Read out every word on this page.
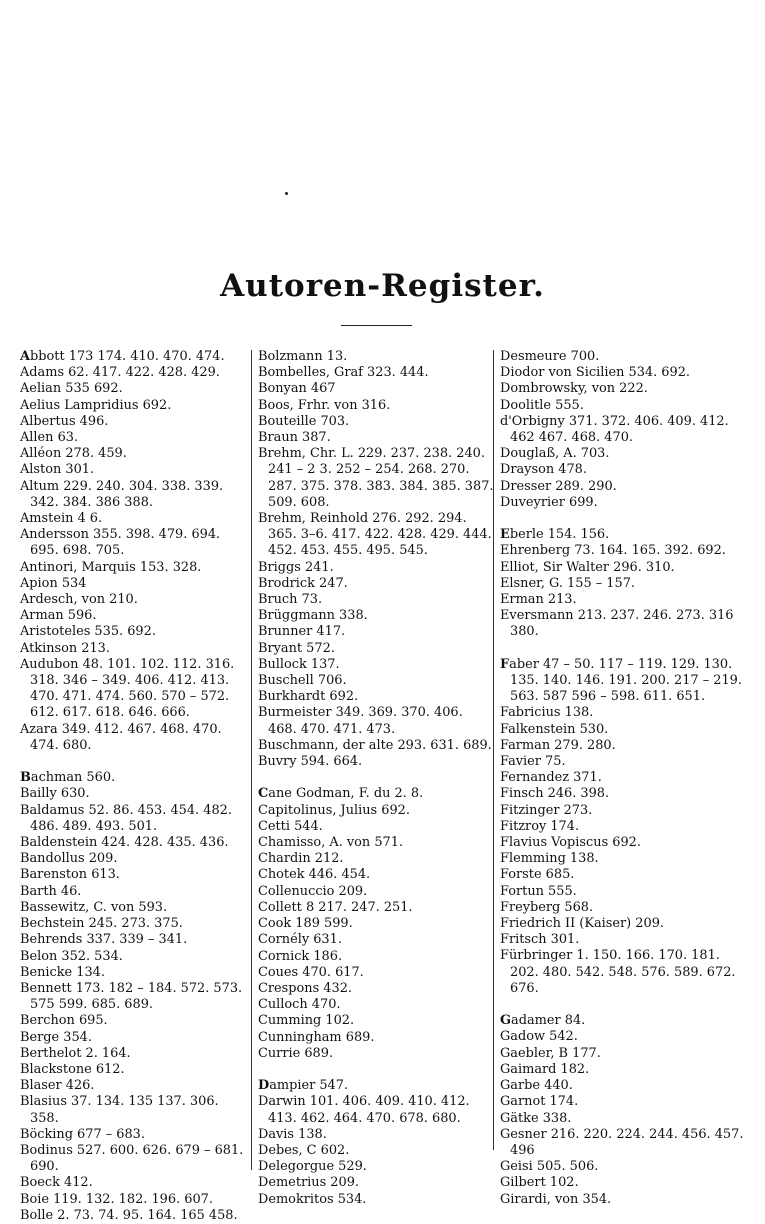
Autoren-Register.
Abbott 173 174. 410. 470. 474.
Adams 62. 417. 422. 428. 429.
Aelian 535 692.
Aelius Lampridius 692.
Albertus 496.
Allen 63.
Alléon 278. 459.
Alston 301.
Altum 229. 240. 304. 338. 339. 342. 384. 386 388.
Amstein 4 6.
Andersson 355. 398. 479. 694. 695. 698. 705.
Antinori, Marquis 153. 328.
Apion 534
Ardesch, von 210.
Arman 596.
Aristoteles 535. 692.
Atkinson 213.
Audubon 48. 101. 102. 112. 316. 318. 346 – 349. 406. 412. 413. 470. 471. 474. 560. 570 – 572. 612. 617. 618. 646. 666.
Azara 349. 412. 467. 468. 470. 474. 680.
Bachman 560.
Bailly 630.
Baldamus 52. 86. 453. 454. 482. 486. 489. 493. 501.
Baldenstein 424. 428. 435. 436.
Bandollus 209.
Barenston 613.
Barth 46.
Bassewitz, C. von 593.
Bechstein 245. 273. 375.
Behrends 337. 339 – 341.
Belon 352. 534.
Benicke 134.
Bennett 173. 182 – 184. 572. 573. 575 599. 685. 689.
Berchon 695.
Berge 354.
Berthelot 2. 164.
Blackstone 612.
Blaser 426.
Blasius 37. 134. 135 137. 306. 358.
Böcking 677 – 683.
Bodinus 527. 600. 626. 679 – 681. 690.
Boeck 412.
Boie 119. 132. 182. 196. 607.
Bolle 2. 73. 74. 95. 164. 165 458.
Bolzmann 13.
Bombelles, Graf 323. 444.
Bonyan 467
Boos, Frhr. von 316.
Bouteille 703.
Braun 387.
Brehm, Chr. L. 229. 237. 238. 240. 241 – 2 3. 252 – 254. 268. 270. 287. 375. 378. 383. 384. 385. 387. 509. 608.
Brehm, Reinhold 276. 292. 294. 365. 3–6. 417. 422. 428. 429. 444. 452. 453. 455. 495. 545.
Briggs 241.
Brodrick 247.
Bruch 73.
Brüggmann 338.
Brunner 417.
Bryant 572.
Bullock 137.
Buschell 706.
Burkhardt 692.
Burmeister 349. 369. 370. 406. 468. 470. 471. 473.
Buschmann, der alte 293. 631. 689.
Buvry 594. 664.
Cane Godman, F. du 2. 8.
Capitolinus, Julius 692.
Cetti 544.
Chamisso, A. von 571.
Chardin 212.
Chotek 446. 454.
Collenuccio 209.
Collett 8 217. 247. 251.
Cook 189 599.
Cornély 631.
Cornick 186.
Coues 470. 617.
Crespons 432.
Culloch 470.
Cumming 102.
Cunningham 689.
Currie 689.
Dampier 547.
Darwin 101. 406. 409. 410. 412. 413. 462. 464. 470. 678. 680.
Davis 138.
Debes, C 602.
Delegorgue 529.
Demetrius 209.
Demokritos 534.
Desmeure 700.
Diodor von Sicilien 534. 692.
Dombrowsky, von 222.
Doolitle 555.
d'Orbigny 371. 372. 406. 409. 412. 462 467. 468. 470.
Douglaß, A. 703.
Drayson 478.
Dresser 289. 290.
Duveyrier 699.
Eberle 154. 156.
Ehrenberg 73. 164. 165. 392. 692.
Elliot, Sir Walter 296. 310.
Elsner, G. 155 – 157.
Erman 213.
Eversmann 213. 237. 246. 273. 316 380.
Faber 47 – 50. 117 – 119. 129. 130. 135. 140. 146. 191. 200. 217 – 219. 563. 587 596 – 598. 611. 651.
Fabricius 138.
Falkenstein 530.
Farman 279. 280.
Favier 75.
Fernandez 371.
Finsch 246. 398.
Fitzinger 273.
Fitzroy 174.
Flavius Vopiscus 692.
Flemming 138.
Forste 685.
Fortun 555.
Freyberg 568.
Friedrich II (Kaiser) 209.
Fritsch 301.
Fürbringer 1. 150. 166. 170. 181. 202. 480. 542. 548. 576. 589. 672. 676.
Gadamer 84.
Gadow 542.
Gaebler, B 177.
Gaimard 182.
Garbe 440.
Garnot 174.
Gätke 338.
Gesner 216. 220. 224. 244. 456. 457. 496
Geisi 505. 506.
Gilbert 102.
Girardi, von 354.
